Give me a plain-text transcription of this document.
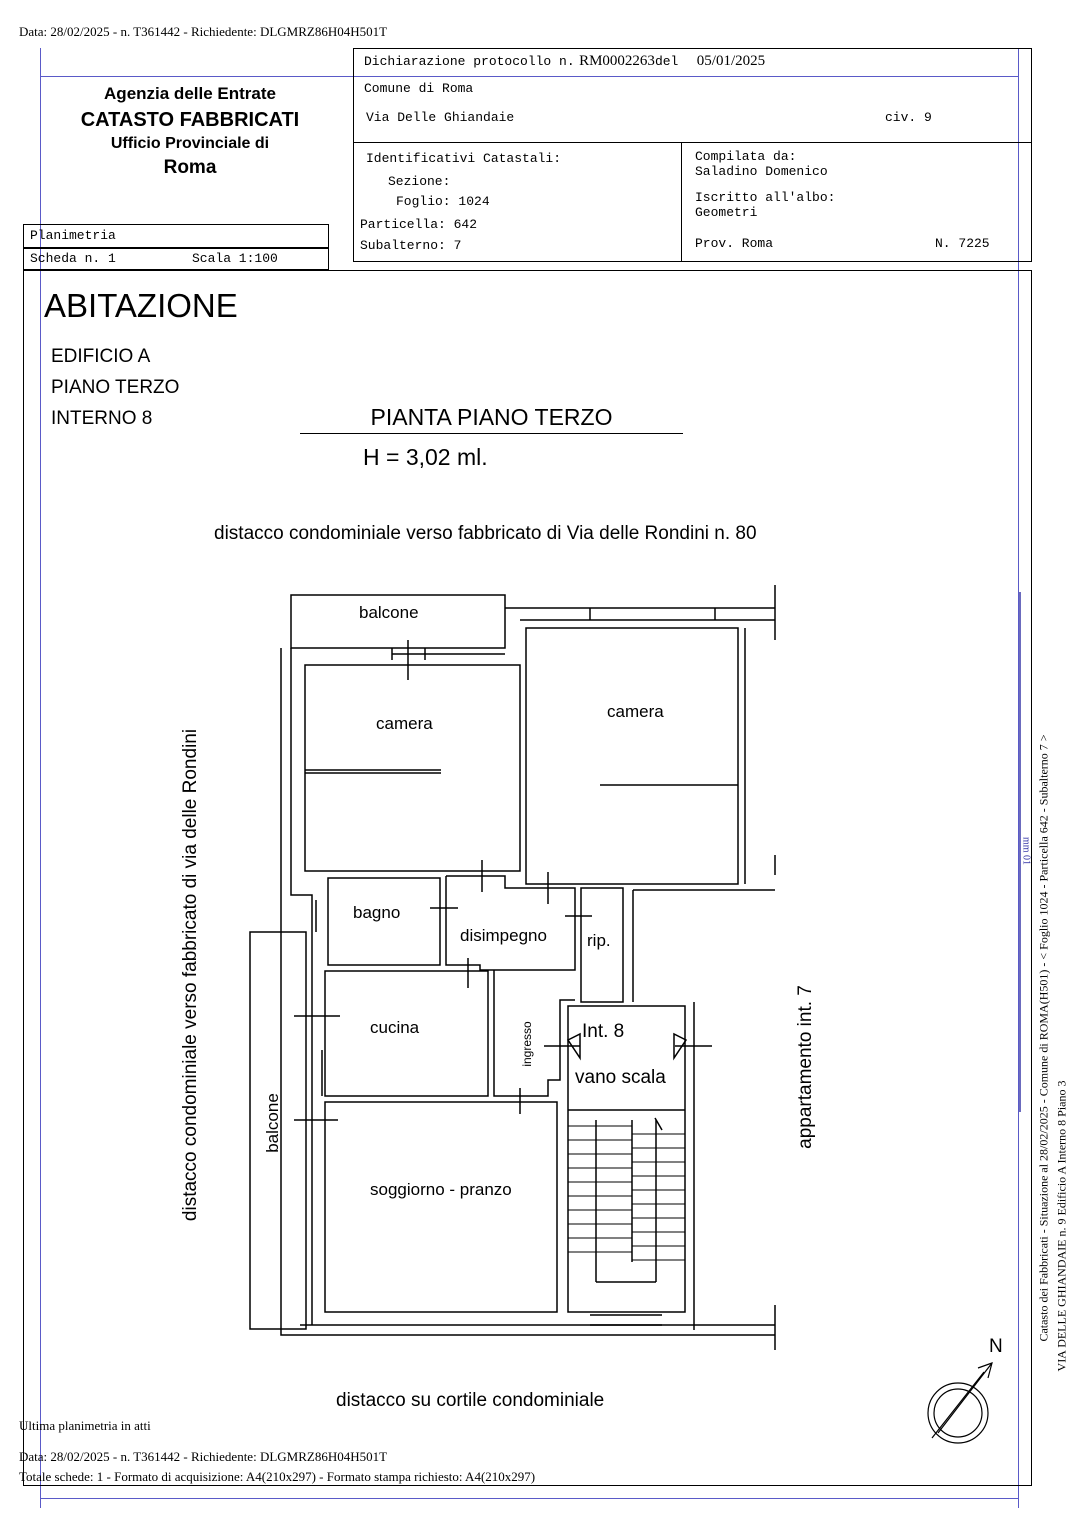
Data: 28/02/2025 - n. T361442 - Richiedente: DLGMRZ86H04H501T
Agenzia delle Entrate
CATASTO FABBRICATI
Ufficio Provinciale di
Roma
Planimetria
Scheda n. 1	Scala 1:100
Dichiarazione protocollo n. RM0002263del 05/01/2025
Comune di Roma
Via Delle Ghiandaie	civ. 9
Identificativi Catastali:
Sezione:
Foglio: 1024
Particella: 642
Subalterno: 7
Compilata da:
Saladino Domenico
Iscritto all'albo:
Geometri
Prov. Roma	N. 7225
ABITAZIONE
EDIFICIO A
PIANO TERZO
INTERNO 8	PIANTA PIANO TERZO
H = 3,02 ml.
distacco condominiale verso fabbricato di Via delle Rondini n. 80
distacco su cortile condominiale
distacco condominiale verso fabbricato di via delle Rondini	appartamento int. 7
balcone
camera
camera
bagno
disimpegno rip.
cucina	ingresso	Int. 8
vano scala
balcone
soggiorno - pranzo
N
Catasto dei Fabbricati - Situazione al 28/02/2025 - Comune di ROMA(H501) - < Foglio 1024 - Particella 642 - Subalterno 7 > VIA DELLE GHIANDAIE n. 9 Edificio A Interno 8 Piano 3
mm 01
Ultima planimetria in atti
Data: 28/02/2025 - n. T361442 - Richiedente: DLGMRZ86H04H501T
Totale schede: 1 - Formato di acquisizione: A4(210x297) - Formato stampa richiesto: A4(210x297)
